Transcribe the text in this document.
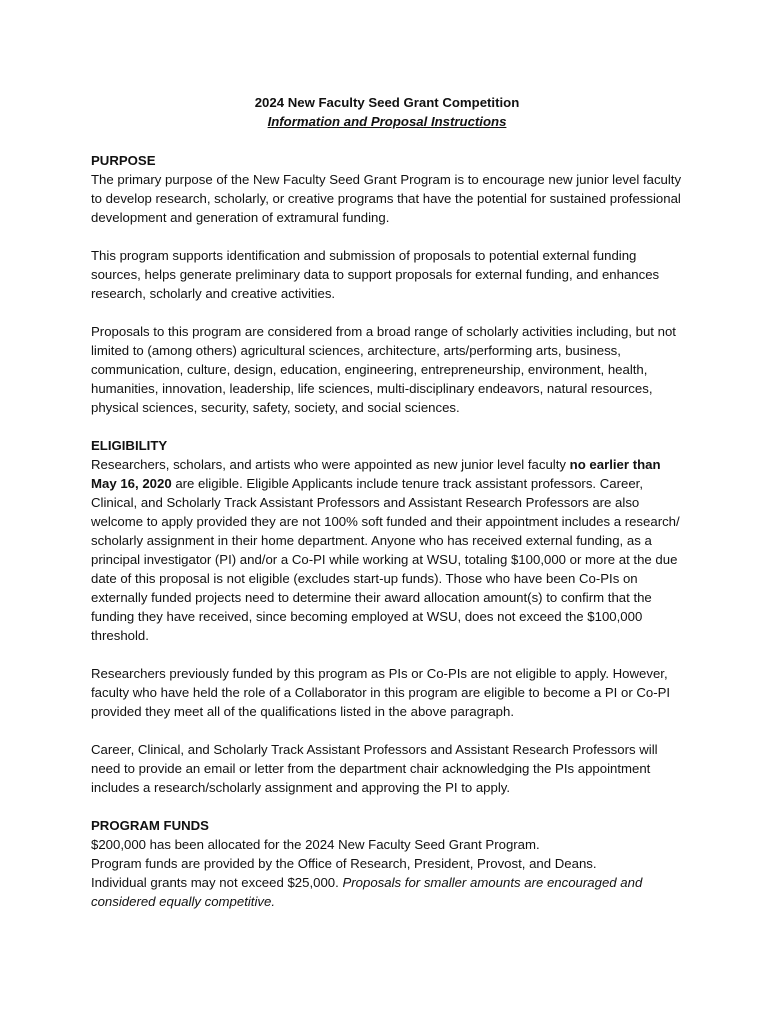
2024 New Faculty Seed Grant Competition
Information and Proposal Instructions
PURPOSE

The primary purpose of the New Faculty Seed Grant Program is to encourage new junior level faculty to develop research, scholarly, or creative programs that have the potential for sustained professional development and generation of extramural funding.

This program supports identification and submission of proposals to potential external funding sources, helps generate preliminary data to support proposals for external funding, and enhances research, scholarly and creative activities.

Proposals to this program are considered from a broad range of scholarly activities including, but not limited to (among others) agricultural sciences, architecture, arts/performing arts, business, communication, culture, design, education, engineering, entrepreneurship, environment, health, humanities, innovation, leadership, life sciences, multi-disciplinary endeavors, natural resources, physical sciences, security, safety, society, and social sciences.

ELIGIBILITY

Researchers, scholars, and artists who were appointed as new junior level faculty no earlier than May 16, 2020 are eligible. Eligible Applicants include tenure track assistant professors. Career, Clinical, and Scholarly Track Assistant Professors and Assistant Research Professors are also welcome to apply provided they are not 100% soft funded and their appointment includes a research/ scholarly assignment in their home department. Anyone who has received external funding, as a principal investigator (PI) and/or a Co-PI while working at WSU, totaling $100,000 or more at the due date of this proposal is not eligible (excludes start-up funds). Those who have been Co-PIs on externally funded projects need to determine their award allocation amount(s) to confirm that the funding they have received, since becoming employed at WSU, does not exceed the $100,000 threshold.

Researchers previously funded by this program as PIs or Co-PIs are not eligible to apply. However, faculty who have held the role of a Collaborator in this program are eligible to become a PI or Co-PI provided they meet all of the qualifications listed in the above paragraph.

Career, Clinical, and Scholarly Track Assistant Professors and Assistant Research Professors will need to provide an email or letter from the department chair acknowledging the PIs appointment includes a research/scholarly assignment and approving the PI to apply.

PROGRAM FUNDS
$200,000 has been allocated for the 2024 New Faculty Seed Grant Program.
Program funds are provided by the Office of Research, President, Provost, and Deans.
Individual grants may not exceed $25,000. Proposals for smaller amounts are encouraged and considered equally competitive.
